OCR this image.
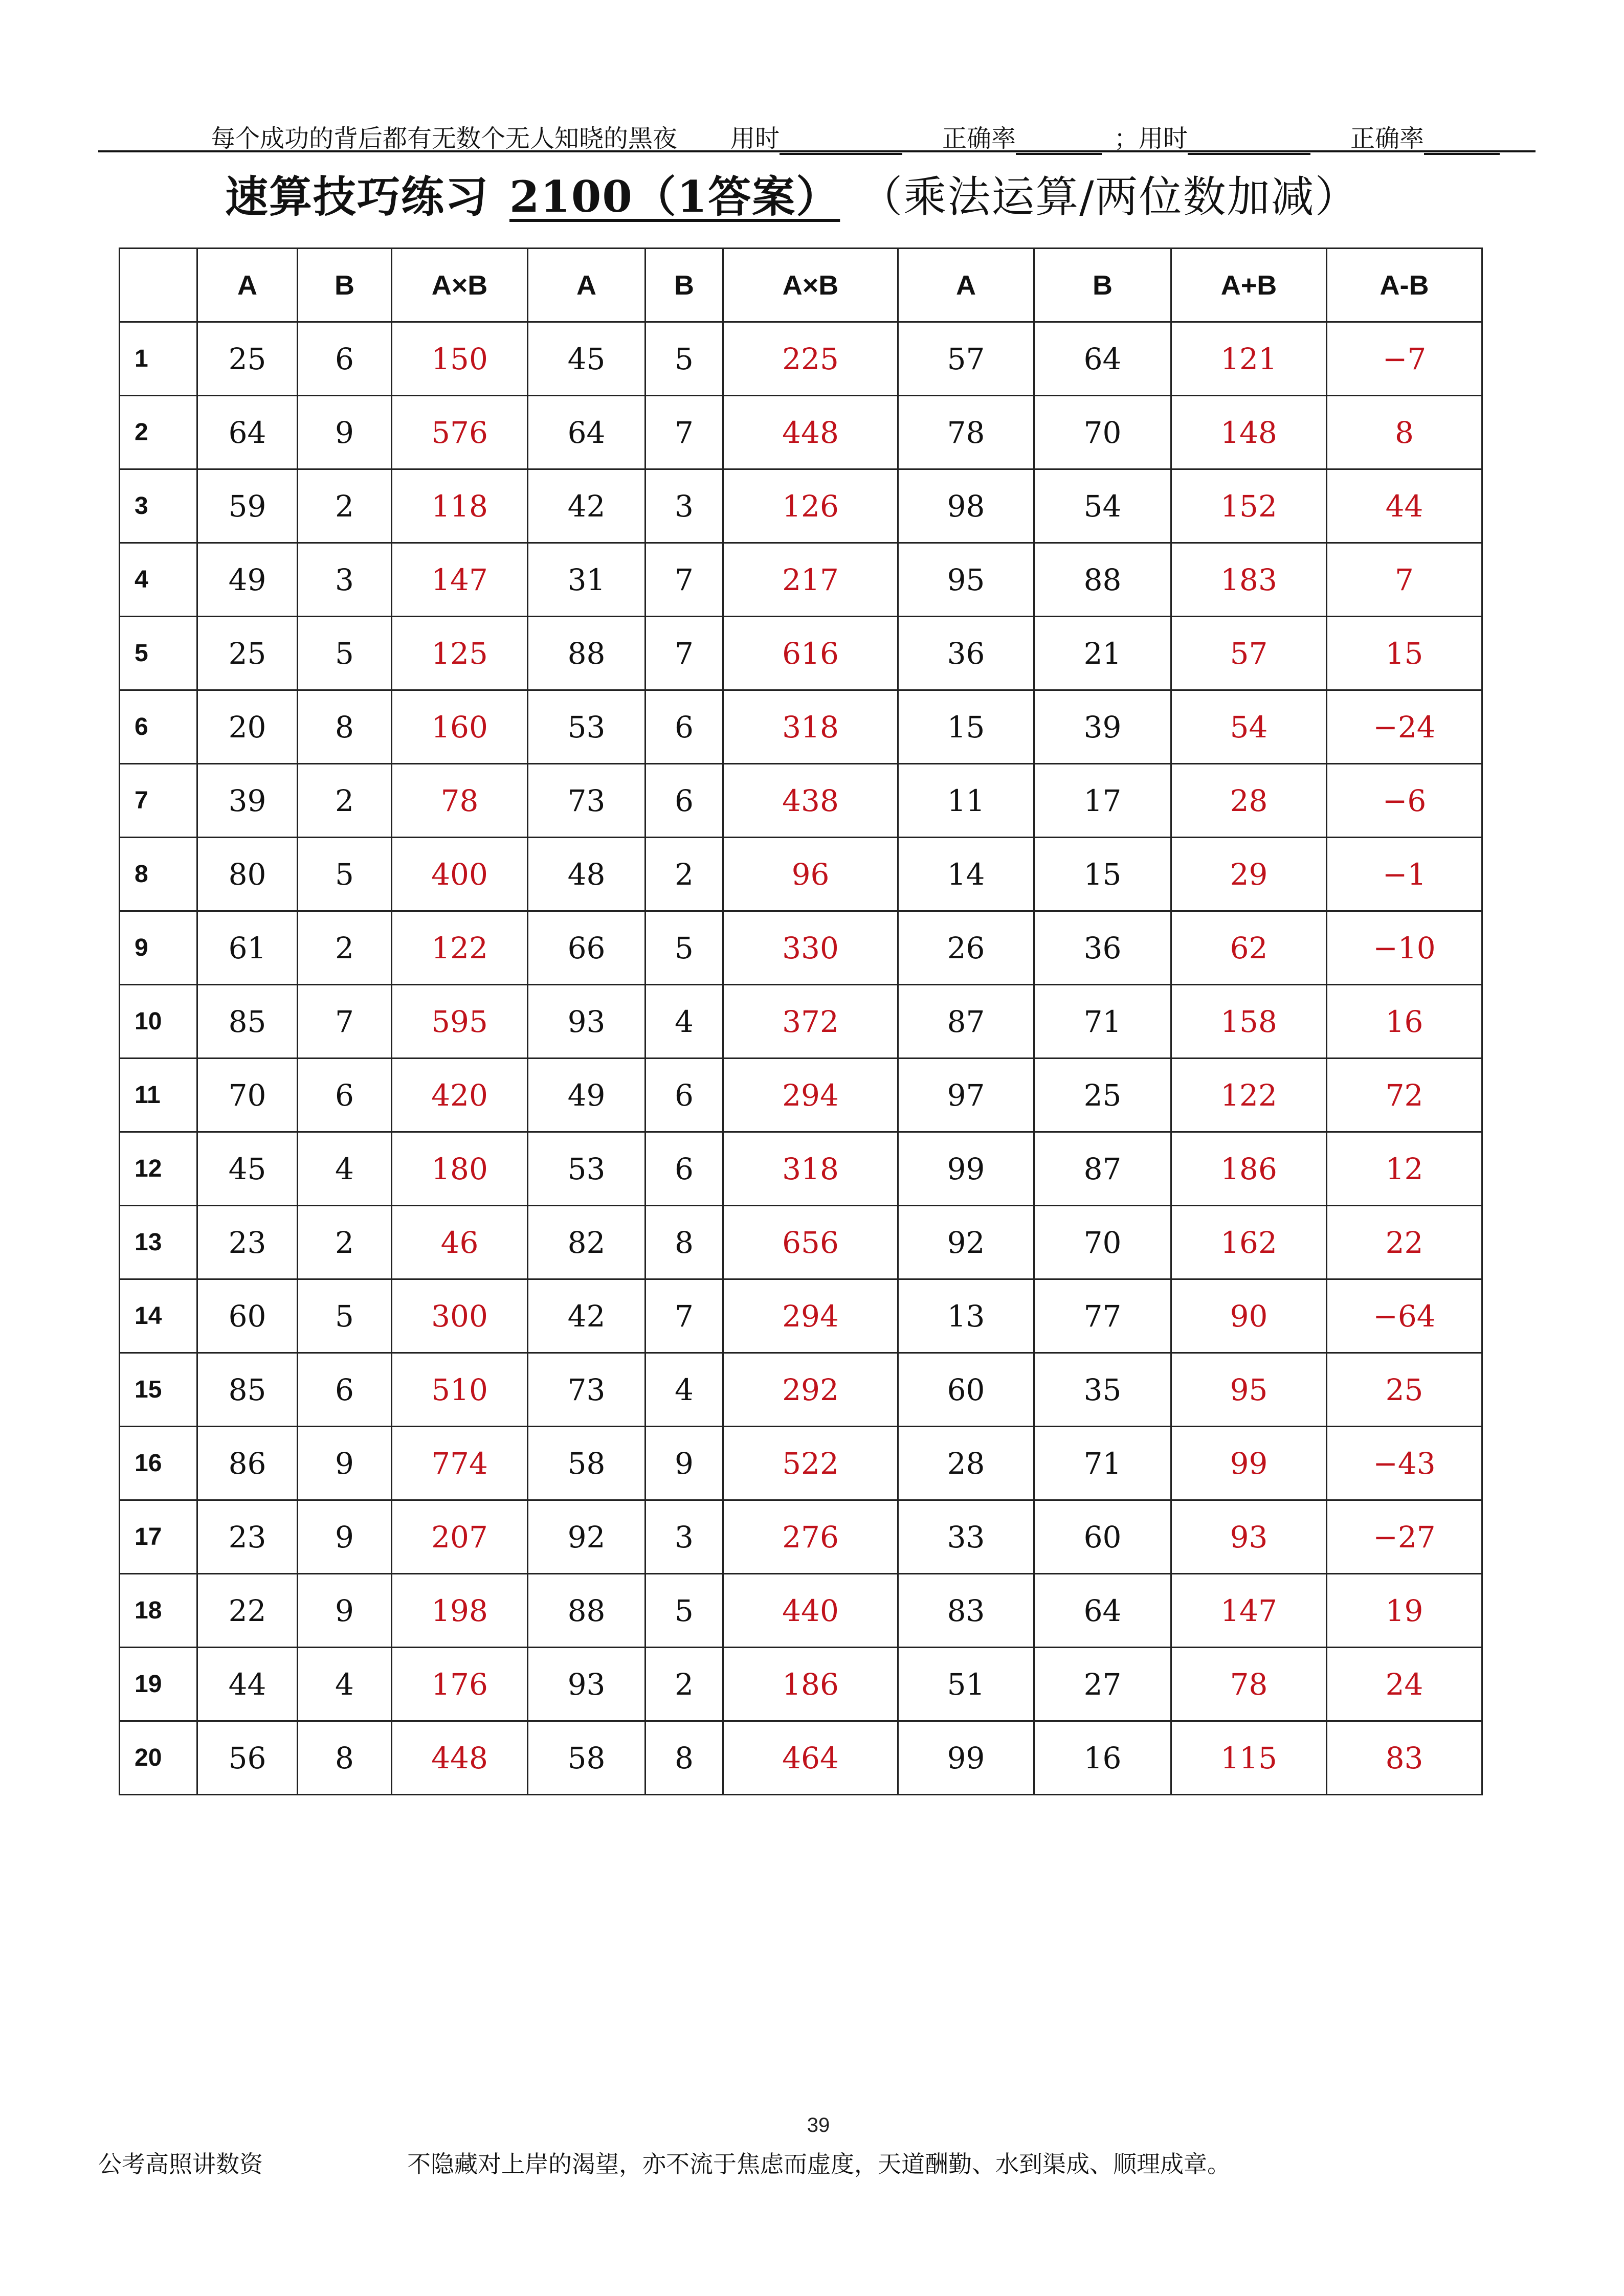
每个成功的背后都有无数个无人知晓的黑夜 用时	正确率	；用时	正确率
速算技巧练习 2100（1答案） （乘法运算/两位数加减）
	A	B	A×B	A	B	A×B	A	B	A+B	A-B
1	25	6	150	45	5	225	57	64	121	−7
2	64	9	576	64	7	448	78	70	148	8
3	59	2	118	42	3	126	98	54	152	44
4	49	3	147	31	7	217	95	88	183	7
5	25	5	125	88	7	616	36	21	57	15
6	20	8	160	53	6	318	15	39	54	−24
7	39	2	78	73	6	438	11	17	28	−6
8	80	5	400	48	2	96	14	15	29	−1
9	61	2	122	66	5	330	26	36	62	−10
10	85	7	595	93	4	372	87	71	158	16
11	70	6	420	49	6	294	97	25	122	72
12	45	4	180	53	6	318	99	87	186	12
13	23	2	46	82	8	656	92	70	162	22
14	60	5	300	42	7	294	13	77	90	−64
15	85	6	510	73	4	292	60	35	95	25
16	86	9	774	58	9	522	28	71	99	−43
17	23	9	207	92	3	276	33	60	93	−27
18	22	9	198	88	5	440	83	64	147	19
19	44	4	176	93	2	186	51	27	78	24
20	56	8	448	58	8	464	99	16	115	83
39
公考高照讲数资	不隐藏对上岸的渴望，亦不流于焦虑而虚度，天道酬勤、水到渠成、顺理成章。
